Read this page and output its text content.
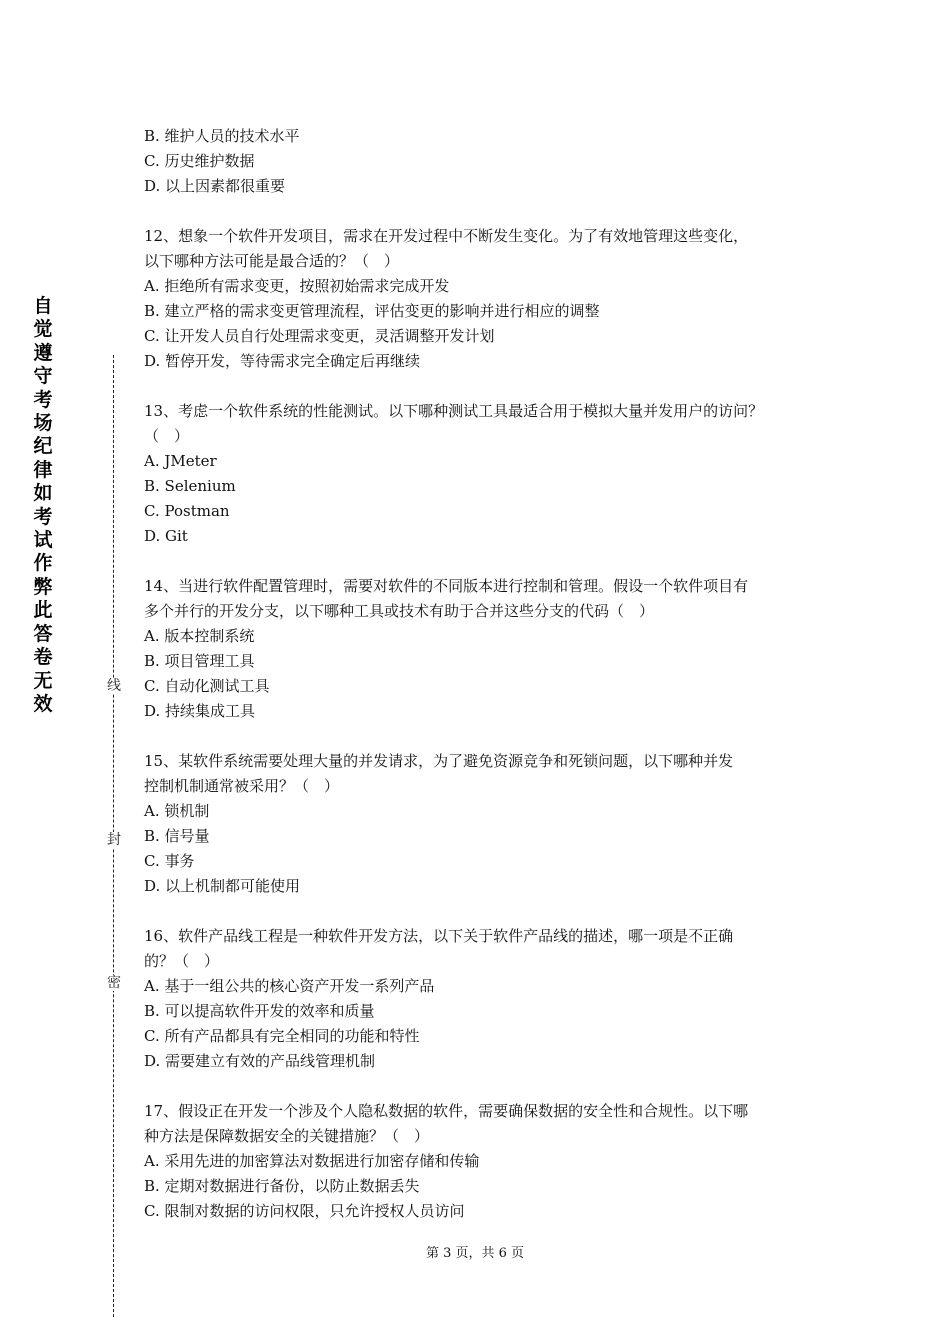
自
觉
遵
守
考
场
纪
律
如
考
试
作
弊
此
答
卷
无
效
线
封
密
B. 维护人员的技术水平
C. 历史维护数据
D. 以上因素都很重要
12、想象一个软件开发项目，需求在开发过程中不断发生变化。为了有效地管理这些变化，
以下哪种方法可能是最合适的？（　）
A. 拒绝所有需求变更，按照初始需求完成开发
B. 建立严格的需求变更管理流程，评估变更的影响并进行相应的调整
C. 让开发人员自行处理需求变更，灵活调整开发计划
D. 暂停开发，等待需求完全确定后再继续
13、考虑一个软件系统的性能测试。以下哪种测试工具最适合用于模拟大量并发用户的访问？
（　）
A. JMeter
B. Selenium
C. Postman
D. Git
14、当进行软件配置管理时，需要对软件的不同版本进行控制和管理。假设一个软件项目有
多个并行的开发分支，以下哪种工具或技术有助于合并这些分支的代码（　）
A. 版本控制系统
B. 项目管理工具
C. 自动化测试工具
D. 持续集成工具
15、某软件系统需要处理大量的并发请求，为了避免资源竞争和死锁问题，以下哪种并发
控制机制通常被采用？（　）
A. 锁机制
B. 信号量
C. 事务
D. 以上机制都可能使用
16、软件产品线工程是一种软件开发方法，以下关于软件产品线的描述，哪一项是不正确
的？（　）
A. 基于一组公共的核心资产开发一系列产品
B. 可以提高软件开发的效率和质量
C. 所有产品都具有完全相同的功能和特性
D. 需要建立有效的产品线管理机制
17、假设正在开发一个涉及个人隐私数据的软件，需要确保数据的安全性和合规性。以下哪
种方法是保障数据安全的关键措施？（　）
A. 采用先进的加密算法对数据进行加密存储和传输
B. 定期对数据进行备份，以防止数据丢失
C. 限制对数据的访问权限，只允许授权人员访问
第 3 页，共 6 页
